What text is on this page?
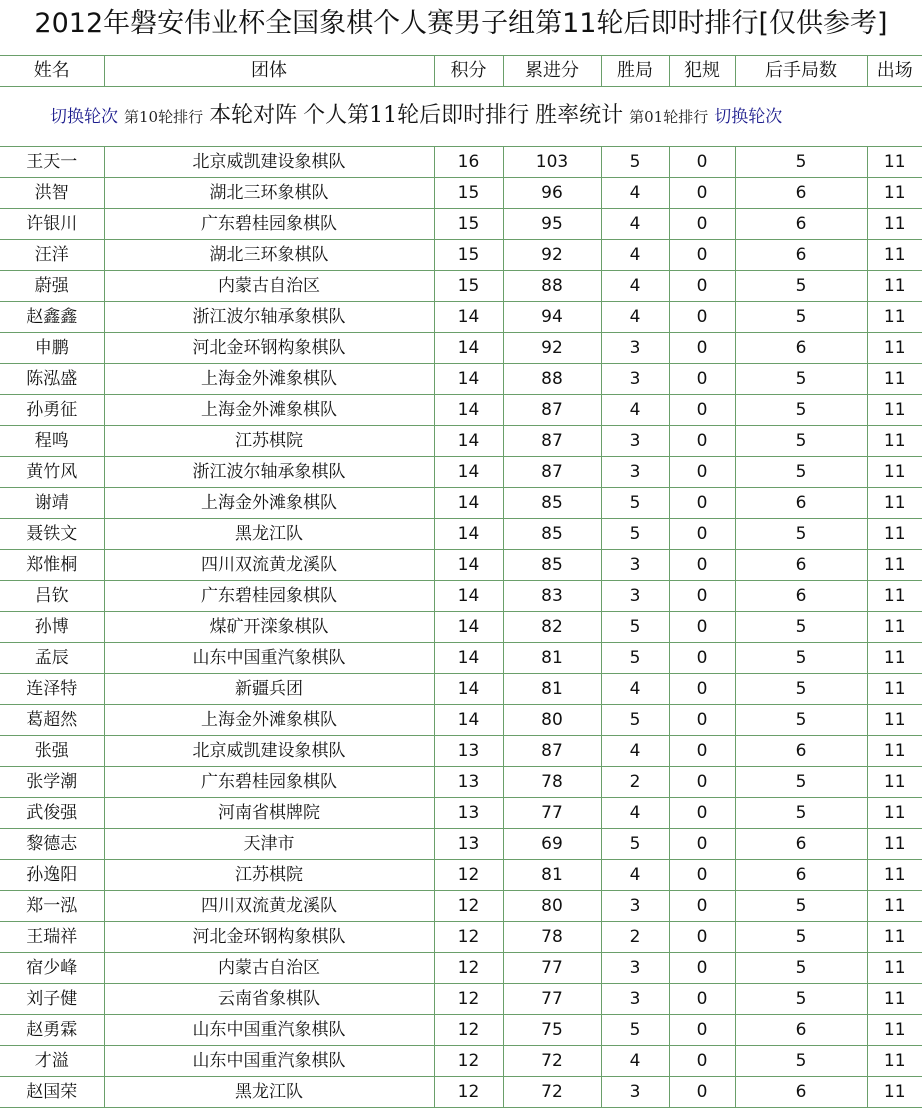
2012年磐安伟业杯全国象棋个人赛男子组第11轮后即时排行[仅供参考]
姓名	团体	积分	累进分	胜局	犯规	后手局数	出场

切换轮次 第10轮排行 本轮对阵 个人第11轮后即时排行 胜率统计 第01轮排行 切换轮次							

王天一	北京威凯建设象棋队	16	103	5	0	5	11
洪智	湖北三环象棋队	15	96	4	0	6	11
许银川	广东碧桂园象棋队	15	95	4	0	6	11
汪洋	湖北三环象棋队	15	92	4	0	6	11
蔚强	内蒙古自治区	15	88	4	0	5	11
赵鑫鑫	浙江波尔轴承象棋队	14	94	4	0	5	11
申鹏	河北金环钢构象棋队	14	92	3	0	6	11
陈泓盛	上海金外滩象棋队	14	88	3	0	5	11
孙勇征	上海金外滩象棋队	14	87	4	0	5	11
程鸣	江苏棋院	14	87	3	0	5	11
黄竹风	浙江波尔轴承象棋队	14	87	3	0	5	11
谢靖	上海金外滩象棋队	14	85	5	0	6	11
聂铁文	黑龙江队	14	85	5	0	5	11
郑惟桐	四川双流黄龙溪队	14	85	3	0	6	11
吕钦	广东碧桂园象棋队	14	83	3	0	6	11
孙博	煤矿开滦象棋队	14	82	5	0	5	11
孟辰	山东中国重汽象棋队	14	81	5	0	5	11
连泽特	新疆兵团	14	81	4	0	5	11
葛超然	上海金外滩象棋队	14	80	5	0	5	11
张强	北京威凯建设象棋队	13	87	4	0	6	11
张学潮	广东碧桂园象棋队	13	78	2	0	5	11
武俊强	河南省棋牌院	13	77	4	0	5	11
黎德志	天津市	13	69	5	0	6	11
孙逸阳	江苏棋院	12	81	4	0	6	11
郑一泓	四川双流黄龙溪队	12	80	3	0	5	11
王瑞祥	河北金环钢构象棋队	12	78	2	0	5	11
宿少峰	内蒙古自治区	12	77	3	0	5	11
刘子健	云南省象棋队	12	77	3	0	5	11
赵勇霖	山东中国重汽象棋队	12	75	5	0	6	11
才溢	山东中国重汽象棋队	12	72	4	0	5	11
赵国荣	黑龙江队	12	72	3	0	6	11
